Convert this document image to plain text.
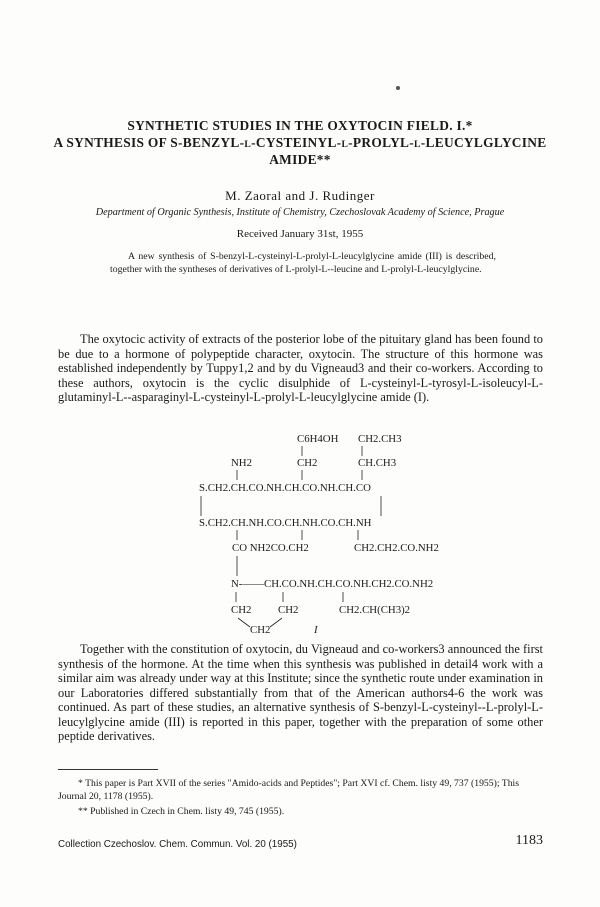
SYNTHETIC STUDIES IN THE OXYTOCIN FIELD. I.*
A SYNTHESIS OF S-BENZYL-L-CYSTEINYL-L-PROLYL-L-LEUCYLGLYCINE
AMIDE**
M. Zaoral and J. Rudinger
Department of Organic Synthesis, Institute of Chemistry, Czechoslovak Academy of Science, Prague
Received January 31st, 1955

A new synthesis of S-benzyl-L-cysteinyl-L-prolyl-L-leucylglycine amide (III) is described, together with the syntheses of derivatives of L-prolyl-L--leucine and L-prolyl-L-leucylglycine.

The oxytocic activity of extracts of the posterior lobe of the pituitary gland has been found to be due to a hormone of polypeptide character, oxytocin. The structure of this hormone was established independently by Tuppy1,2 and by du Vigneaud3 and their co-workers. According to these authors, oxytocin is the cyclic disulphide of L-cysteinyl-L-tyrosyl-L-isoleucyl-L-glutaminyl-L--asparaginyl-L-cysteinyl-L-prolyl-L-leucylglycine amide (I).

C6H4OH CH2.CH3
NH2	CH2	CH.CH3
S.CH2.CH.CO.NH.CH.CO.NH.CH.CO
S.CH2.CH.NH.CO.CH.NH.CO.CH.NH
CO NH2CO.CH2	CH2.CH2.CO.NH2
N-——CH.CO.NH.CH.CO.NH.CH2.CO.NH2
CH2 CH2	CH2.CH(CH3)2
CH2	I

Together with the constitution of oxytocin, du Vigneaud and co-workers3 announced the first synthesis of the hormone. At the time when this synthesis was published in detail4 work with a similar aim was already under way at this Institute; since the synthetic route under examination in our Laboratories differed substantially from that of the American authors4-6 the work was continued. As part of these studies, an alternative synthesis of S-benzyl-L-cysteinyl--L-prolyl-L-leucylglycine amide (III) is reported in this paper, together with the preparation of some other peptide derivatives.

* This paper is Part XVII of the series "Amido-acids and Peptides"; Part XVI cf. Chem. listy 49, 737 (1955); This Journal 20, 1178 (1955).

** Published in Czech in Chem. listy 49, 745 (1955).

Collection Czechoslov. Chem. Commun. Vol. 20 (1955)	1183
